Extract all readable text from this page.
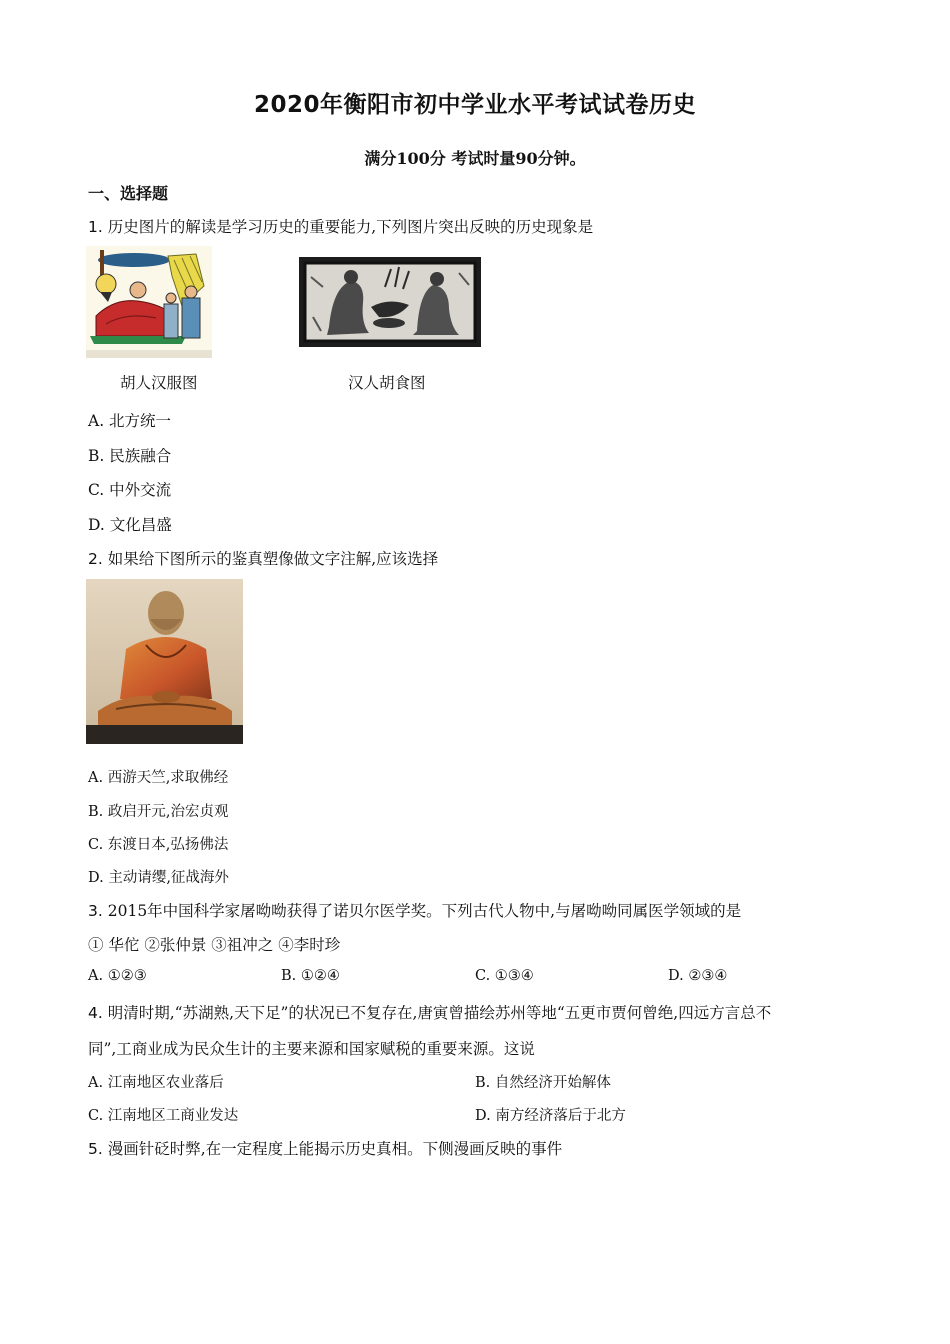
2020年衡阳市初中学业水平考试试卷历史
满分100分 考试时量90分钟。
一、选择题
1. 历史图片的解读是学习历史的重要能力,下列图片突出反映的历史现象是
胡人汉服图	汉人胡食图
A. 北方统一
B. 民族融合
C. 中外交流
D. 文化昌盛
2. 如果给下图所示的鉴真塑像做文字注解,应该选择
A. 西游天竺,求取佛经
B. 政启开元,治宏贞观
C. 东渡日本,弘扬佛法
D. 主动请缨,征战海外
3. 2015年中国科学家屠呦呦获得了诺贝尔医学奖。下列古代人物中,与屠呦呦同属医学领域的是
① 华佗 ②张仲景 ③祖冲之 ④李时珍
A. ①②③	B. ①②④	C. ①③④	D. ②③④
4. 明清时期,“苏湖熟,天下足”的状况已不复存在,唐寅曾描绘苏州等地“五更市贾何曾绝,四远方言总不
同”,工商业成为民众生计的主要来源和国家赋税的重要来源。这说
A. 江南地区农业落后	B. 自然经济开始解体
C. 江南地区工商业发达	D. 南方经济落后于北方
5. 漫画针砭时弊,在一定程度上能揭示历史真相。下侧漫画反映的事件
